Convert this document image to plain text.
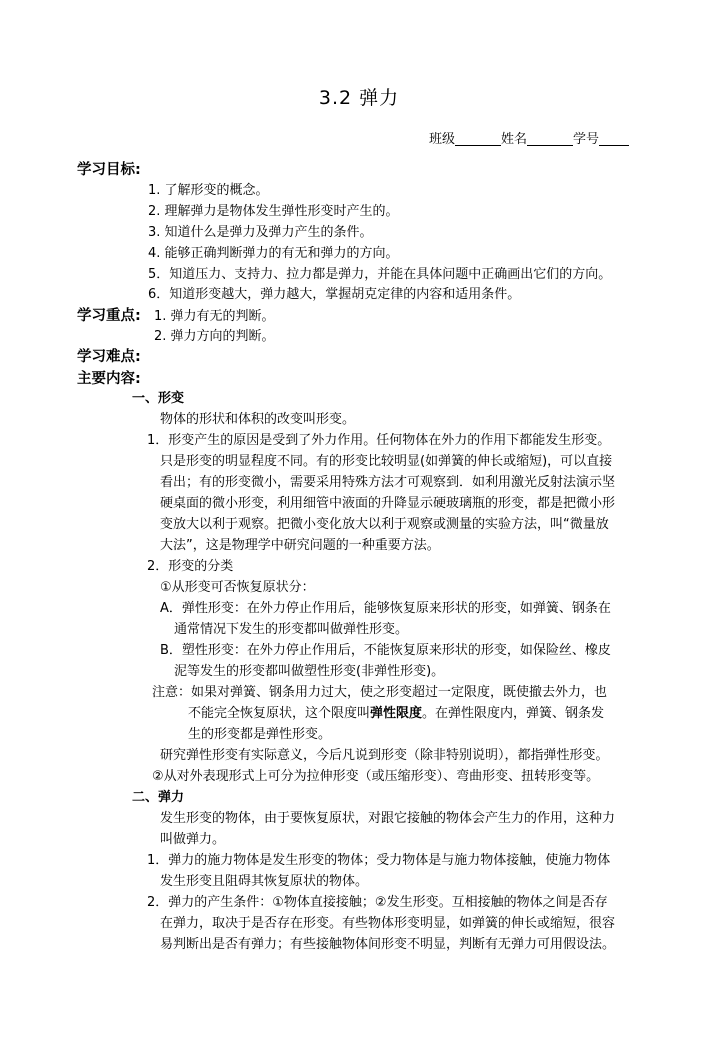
3.2 弹力
班级	姓名	学号
学习目标:
1. 了解形变的概念。
2. 理解弹力是物体发生弹性形变时产生的。
3. 知道什么是弹力及弹力产生的条件。
4. 能够正确判断弹力的有无和弹力的方向。
5．知道压力、支持力、拉力都是弹力，并能在具体问题中正确画出它们的方向。
6．知道形变越大，弹力越大，掌握胡克定律的内容和适用条件。
学习重点: 1. 弹力有无的判断。
2. 弹力方向的判断。
学习难点:
主要内容:
一、形变
物体的形状和体积的改变叫形变。
1．形变产生的原因是受到了外力作用。任何物体在外力的作用下都能发生形变。
只是形变的明显程度不同。有的形变比较明显(如弹簧的伸长或缩短)，可以直接
看出；有的形变微小，需要采用特殊方法才可观察到．如利用激光反射法演示坚
硬桌面的微小形变，利用细管中液面的升降显示硬玻璃瓶的形变，都是把微小形
变放大以利于观察。把微小变化放大以利于观察或测量的实验方法，叫“微量放
大法”，这是物理学中研究问题的一种重要方法。
2．形变的分类
①从形变可否恢复原状分：
A．弹性形变：在外力停止作用后，能够恢复原来形状的形变，如弹簧、钢条在
通常情况下发生的形变都叫做弹性形变。
B．塑性形变：在外力停止作用后，不能恢复原来形状的形变，如保险丝、橡皮
泥等发生的形变都叫做塑性形变(非弹性形变)。
注意：如果对弹簧、钢条用力过大，使之形变超过一定限度，既使撤去外力，也
不能完全恢复原状，这个限度叫弹性限度。在弹性限度内，弹簧、钢条发
生的形变都是弹性形变。
研究弹性形变有实际意义，今后凡说到形变（除非特别说明），都指弹性形变。
②从对外表现形式上可分为拉伸形变（或压缩形变）、弯曲形变、扭转形变等。
二、弹力
发生形变的物体，由于要恢复原状，对跟它接触的物体会产生力的作用，这种力
叫做弹力。
1．弹力的施力物体是发生形变的物体；受力物体是与施力物体接触，使施力物体
发生形变且阻碍其恢复原状的物体。
2．弹力的产生条件：①物体直接接触；②发生形变。互相接触的物体之间是否存
在弹力，取决于是否存在形变。有些物体形变明显，如弹簧的伸长或缩短，很容
易判断出是否有弹力；有些接触物体间形变不明显，判断有无弹力可用假设法。
